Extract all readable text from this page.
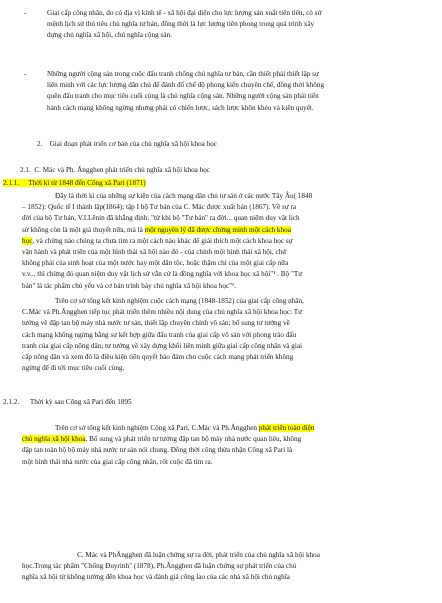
-	Giai cấp công nhân, do có địa vị kinh tế - xã hội đại diện cho lực lượng sản xuất tiên tiến, có sứ
mệnh lịch sử thủ tiêu chủ nghĩa tư bản, đồng thời là lực lượng tiên phong trong quá trình xây
dựng chủ nghĩa xã hội, chủ nghĩa cộng sản.
-	Những người cộng sản trong cuộc đấu tranh chống chủ nghĩa tư bản, cần thiết phải thiết lập sự
liên minh với các lực lượng dân chủ để đánh đổ chế độ phong kiến chuyên chế, đồng thời không
quên đấu tranh cho mục tiêu cuối cùng là chủ nghĩa cộng sản. Những người cộng sản phải tiến
hành cách mạng không ngừng nhưng phải có chiến lược, sách lược khôn khéo và kiên quyết.
2. Giai đoạn phát triển cơ bản của chủ nghĩa xã hội khoa học
2.1. C. Mác và Ph. Ăngghen phát triển chủ nghĩa xã hội khoa học
2.1.1. Thời kì từ 1848 đến Công xã Pari (1871)
Đây là thời kì của những sự kiện của cách mạng dân chủ tư sản ở các nước Tây Âu( 1848
– 1852): Quốc tế I thành lập(1864); tập I bộ Tư bản của C. Mác được xuất bản (1867). Về sự ra
đời của bộ Tư bản, V.I.Lênin đã khẳng định: "từ khi bộ "Tư bản" ra đời... quan niệm duy vật lịch
sử không còn là một giả thuyết nữa, mà là một nguyên lý đã được chứng minh một cách khoa
học, và chừng nào chúng ta chưa tìm ra một cách nào khác để giải thích một cách khoa học sự
vận hành và phát triển của một hình thái xã hội nào đó - của chính một hình thái xã hội, chứ
không phải của sinh hoạt của một nước hay một dân tộc, hoặc thậm chí của một giai cấp nữa
v.v.., thì chừng đó quan niệm duy vật lịch sử vẫn cứ là đồng nghĩa với khoa học xã hội"¹ . Bộ "Tư
bản" là tác phẩm chủ yếu và cơ bản trình bày chủ nghĩa xã hội khoa học"¹.
Trên cơ sở tổng kết kinh nghiệm cuộc cách mạng (1848-1852) của giai cấp công nhân,
C.Mác và Ph.Ăngghen tiếp tục phát triển thêm nhiều nội dung của chủ nghĩa xã hội khoa học: Tư
tưởng về đập tan bộ máy nhà nước tư sản, thiết lập chuyên chính vô sản; bổ sung tư tưởng về
cách mạng không ngừng bằng sự kết hợp giữa đấu tranh của giai cấp vô sản với phong trào đấu
tranh của giai cấp nông dân; tư tưởng về xây dựng khối liên minh giữa giai cấp công nhân và giai
cấp nông dân và xem đó là điều kiện tiên quyết bảo đảm cho cuộc cách mạng phát triển không
ngừng để đi tới mục tiêu cuối cùng.
2.1.2. Thời kỳ sau Công xã Pari đến 1895
Trên cơ sở tổng kết kinh nghiệm Công xã Pari, C.Mác và Ph.Ăngghen phát triển toàn diện
chủ nghĩa xã hội khoa. Bổ sung và phát triển tư tưởng đập tan bộ máy nhà nước quan liêu, không
đập tan toàn bộ bộ máy nhà nước tư sản nói chung. Đồng thời công thừa nhận Công xã Pari là
một hình thái nhà nước của giai cấp công nhân, rốt cuộc đã tìm ra.
C. Mác và PhĂngghen đã luận chứng sự ra đời, phát triển của chủ nghĩa xã hội khoa
học.Trong tác phẩm "Chống Đuyrinh" (1878), Ph.Ăngghen đã luận chứng sự phát triển của chủ
nghĩa xã hội từ không tưởng đến khoa học và đánh giá công lao của các nhà xã hội chủ nghĩa
